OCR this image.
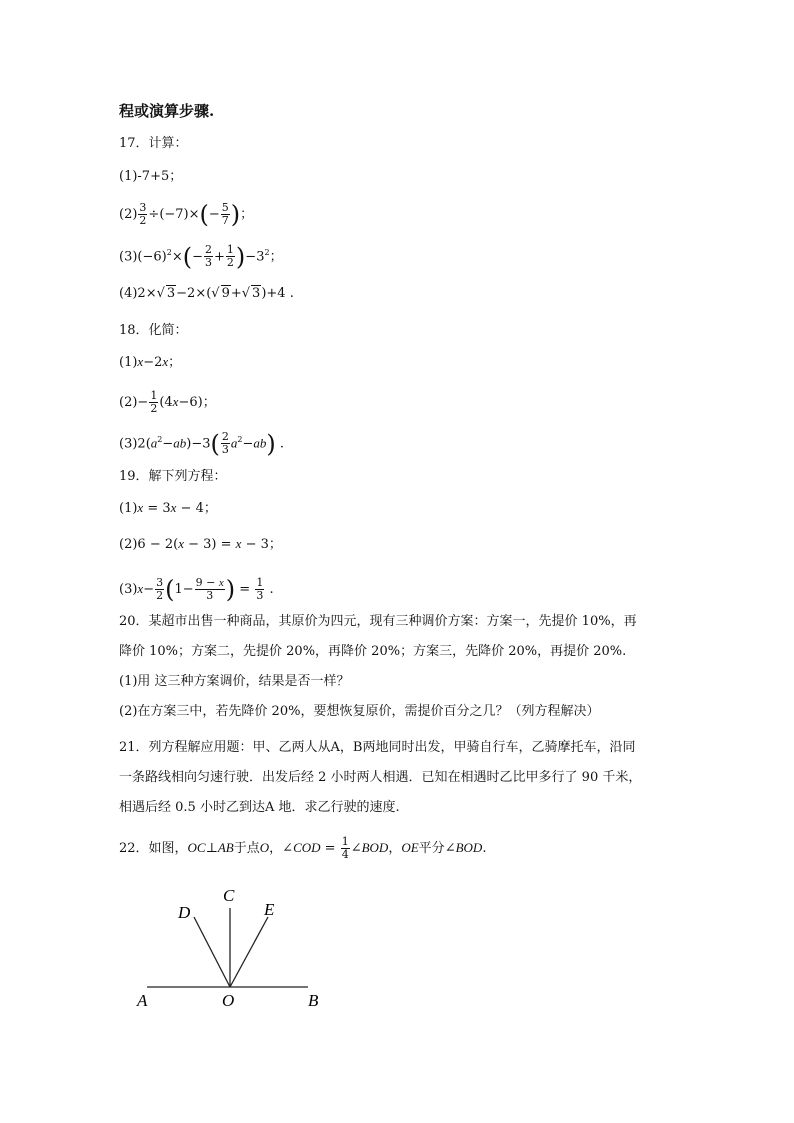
程或演算步骤.
17．计算：
(1)-7+5；
$(2) \frac{3}{2} \div(-7)\times(- \frac{5}{7}$ )；
$(3)(-6)^2\times(- \frac{2}{3} + \frac{1}{2} )-3^2$；
(4)2×√ 3−2×(√ 9+√ 3)+4 .
18．化简：
(1)x−2x；
$(2)- \frac{1}{2} (4x-6)$；
$(3)2(a^2-ab)-3( \frac{2}{3} a^2-ab)$ .
19．解下列方程：
(1)x = 3x − 4；
(2)6 − 2(x − 3) = x − 3；
$(3)x- \frac{3}{2} (1- \frac{9 - x}{3}$ ) = $\frac{1}{3}$ .
20．某超市出售一种商品，其原价为四元，现有三种调价方案：方案一，先提价 10%，再
降价 10%；方案二，先提价 20%，再降价 20%；方案三，先降价 20%，再提价 20%.
(1)用 这三种方案调价，结果是否一样？
(2)在方案三中，若先降价 20%，要想恢复原价，需提价百分之几？（列方程解决）
21．列方程解应用题：甲、乙两人从A，B两地同时出发，甲骑自行车，乙骑摩托车，沿同
一条路线相向匀速行驶．出发后经 2 小时两人相遇．已知在相遇时乙比甲多行了 90 千米，
相遇后经 0.5 小时乙到达A 地．求乙行驶的速度.
22．如图，OC⊥AB于点O，∠COD = $\frac{1}{4}$ ∠BOD，OE平分∠BOD.
A	O	B
C
D	E
